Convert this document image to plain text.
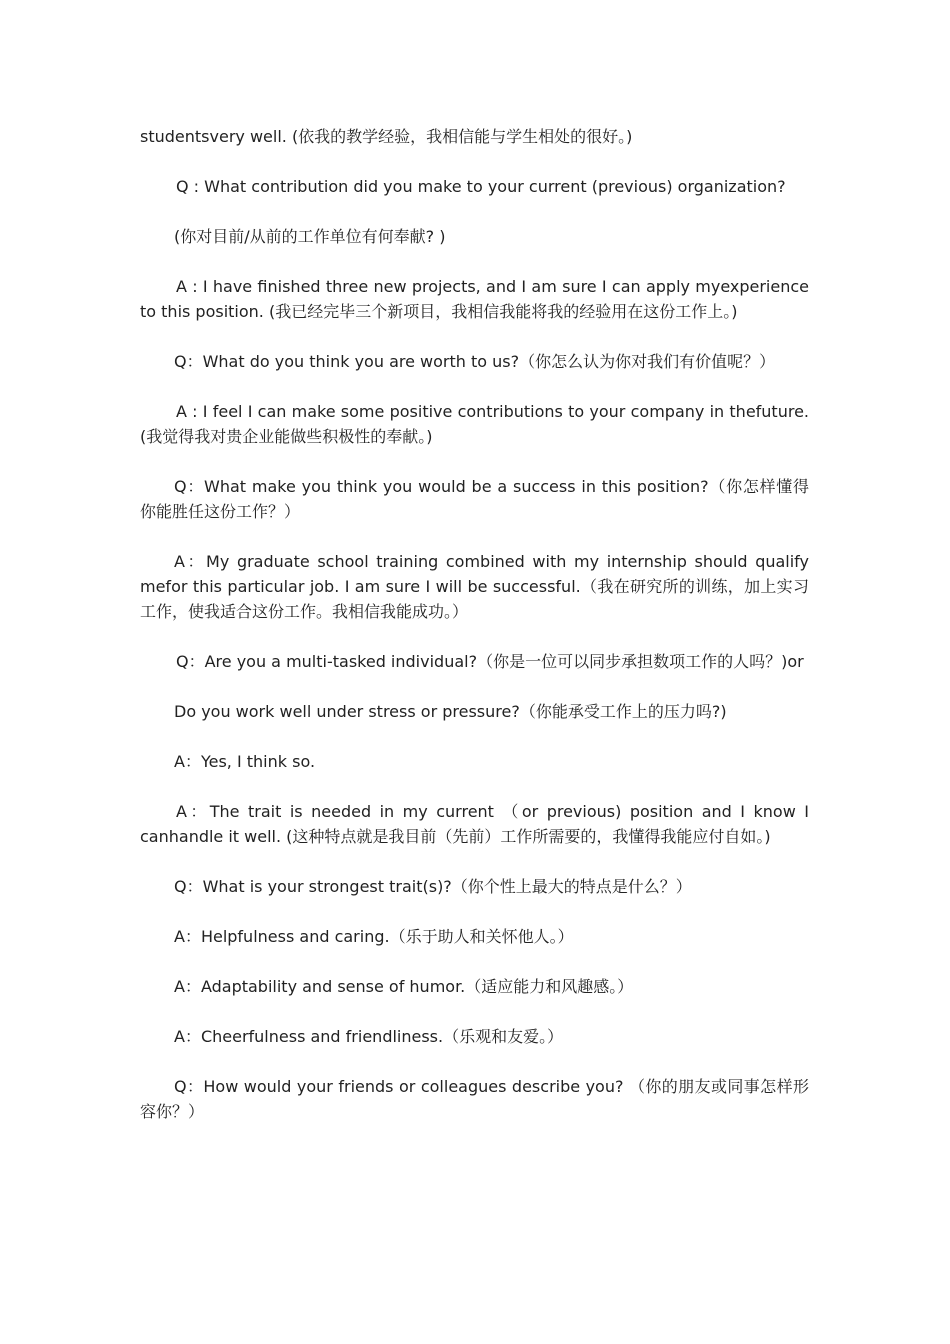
studentsvery well. (依我的教学经验，我相信能与学生相处的很好。)

Q : What contribution did you make to your current (previous) organization?

(你对目前/从前的工作单位有何奉献? )

A : I have finished three new projects, and I am sure I can apply myexperience to this position. (我已经完毕三个新项目，我相信我能将我的经验用在这份工作上。)

Q：What do you think you are worth to us?（你怎么认为你对我们有价值呢？）

A : I feel I can make some positive contributions to your company in thefuture. (我觉得我对贵企业能做些积极性的奉献。)

Q：What make you think you would be a success in this position?（你怎样懂得你能胜任这份工作？）

A：My graduate school training combined with my internship should qualify mefor this particular job. I am sure I will be successful.（我在研究所的训练，加上实习工作，使我适合这份工作。我相信我能成功。）

Q：Are you a multi-tasked individual?（你是一位可以同步承担数项工作的人吗？)or

Do you work well under stress or pressure?（你能承受工作上的压力吗?)

A：Yes, I think so.

A：The trait is needed in my current （or previous) position and I know I canhandle it well. (这种特点就是我目前（先前）工作所需要的，我懂得我能应付自如。)

Q：What is your strongest trait(s)?（你个性上最大的特点是什么？）

A：Helpfulness and caring.（乐于助人和关怀他人。）

A：Adaptability and sense of humor.（适应能力和风趣感。）

A：Cheerfulness and friendliness.（乐观和友爱。）

Q：How would your friends or colleagues describe you? （你的朋友或同事怎样形容你？）
